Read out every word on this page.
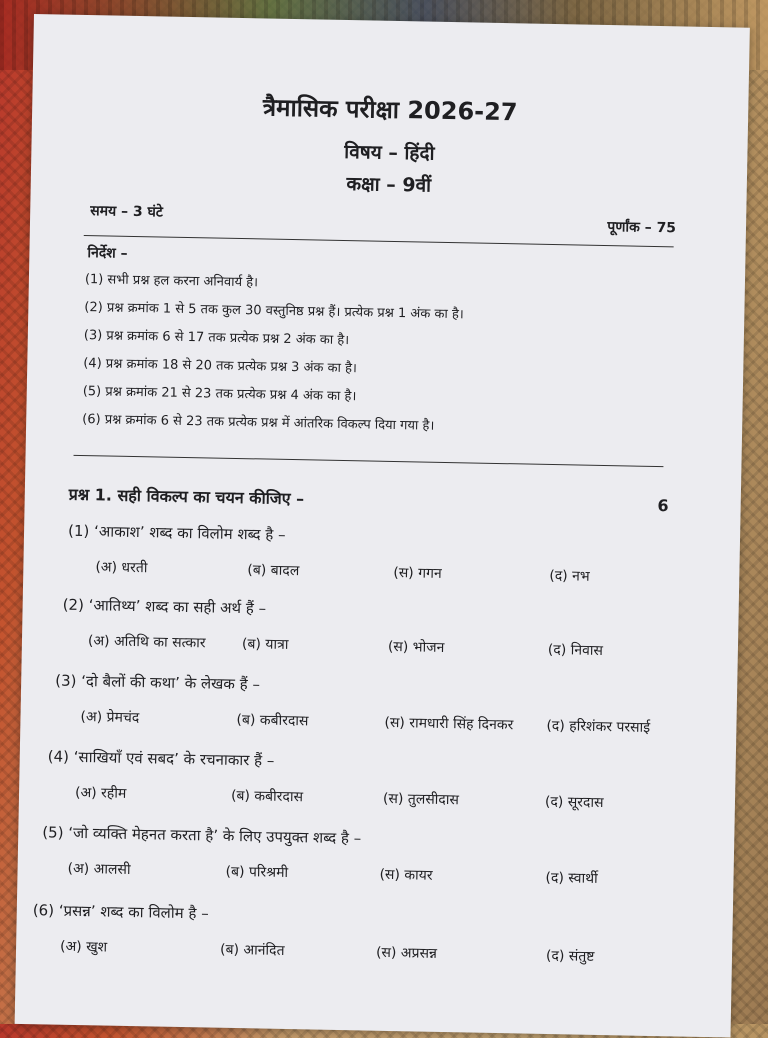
त्रैमासिक परीक्षा 2026-27
विषय – हिंदी
कक्षा – 9वीं
समय – 3 घंटे
पूर्णांक – 75
निर्देश –
(1) सभी प्रश्न हल करना अनिवार्य है।
(2) प्रश्न क्रमांक 1 से 5 तक कुल 30 वस्तुनिष्ठ प्रश्न हैं। प्रत्येक प्रश्न 1 अंक का है।
(3) प्रश्न क्रमांक 6 से 17 तक प्रत्येक प्रश्न 2 अंक का है।
(4) प्रश्न क्रमांक 18 से 20 तक प्रत्येक प्रश्न 3 अंक का है।
(5) प्रश्न क्रमांक 21 से 23 तक प्रत्येक प्रश्न 4 अंक का है।
(6) प्रश्न क्रमांक 6 से 23 तक प्रत्येक प्रश्न में आंतरिक विकल्प दिया गया है।
प्रश्न 1. सही विकल्प का चयन कीजिए –	6
(1) ‘आकाश’ शब्द का विलोम शब्द है –
(अ) धरती	(ब) बादल	(स) गगन	(द) नभ
(2) ‘आतिथ्य’ शब्द का सही अर्थ हैं –
(अ) अतिथि का सत्कार	(ब) यात्रा	(स) भोजन	(द) निवास
(3) ‘दो बैलों की कथा’ के लेखक हैं –
(अ) प्रेमचंद	(ब) कबीरदास	(स) रामधारी सिंह दिनकर (द) हरिशंकर परसाई
(4) ‘साखियाँ एवं सबद’ के रचनाकार हैं –
(अ) रहीम	(ब) कबीरदास	(स) तुलसीदास	(द) सूरदास
(5) ‘जो व्यक्ति मेहनत करता है’ के लिए उपयुक्त शब्द है –
(अ) आलसी	(ब) परिश्रमी	(स) कायर	(द) स्वार्थी
(6) ‘प्रसन्न’ शब्द का विलोम है –
(अ) खुश	(ब) आनंदित	(स) अप्रसन्न	(द) संतुष्ट
